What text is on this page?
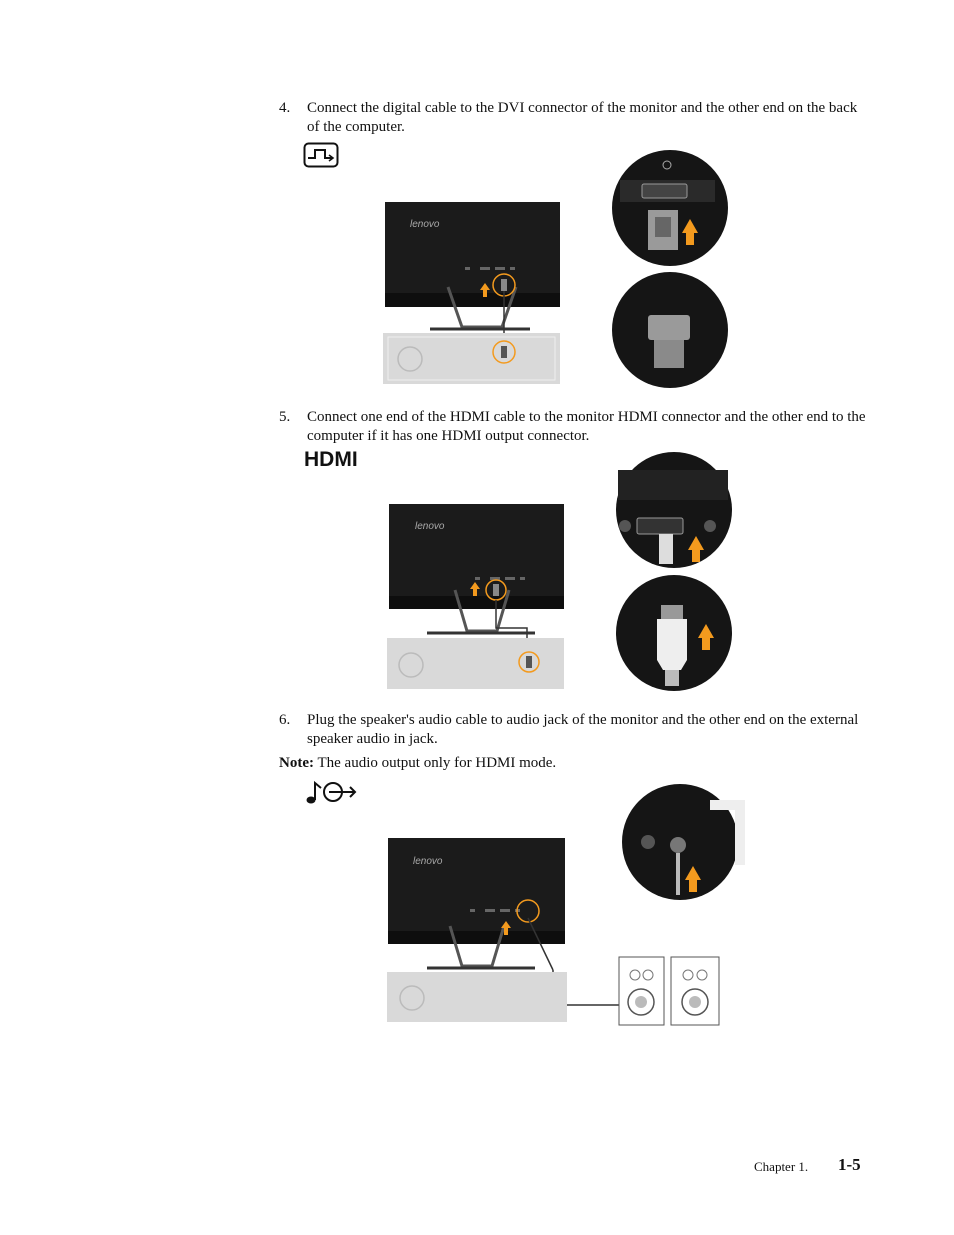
4. Connect the digital cable to the DVI connector of the monitor and the other end on the back of the computer.
lenovo
5. Connect one end of the HDMI cable to the monitor HDMI connector and the other end to the computer if it has one HDMI output connector.
HDMI
lenovo
6. Plug the speaker's audio cable to audio jack of the monitor and the other end on the external speaker audio in jack.
Note: The audio output only for HDMI mode.
lenovo
Chapter 1. 1-5
